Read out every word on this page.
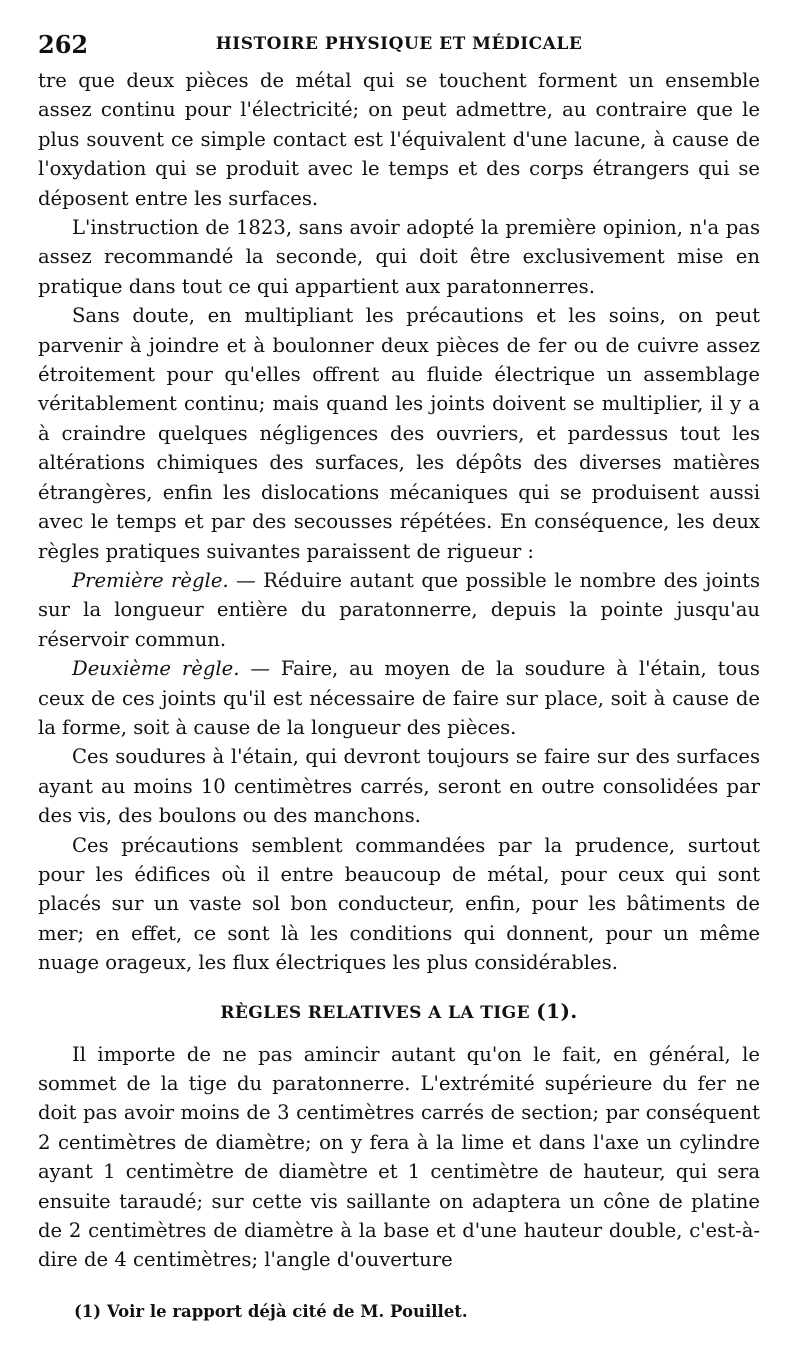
262	HISTOIRE PHYSIQUE ET MÉDICALE

tre que deux pièces de métal qui se touchent forment un ensemble assez continu pour l'électricité; on peut admettre, au contraire que le plus souvent ce simple contact est l'équivalent d'une lacune, à cause de l'oxydation qui se produit avec le temps et des corps étrangers qui se déposent entre les surfaces.

L'instruction de 1823, sans avoir adopté la première opinion, n'a pas assez recommandé la seconde, qui doit être exclusivement mise en pratique dans tout ce qui appartient aux paratonnerres.

Sans doute, en multipliant les précautions et les soins, on peut parvenir à joindre et à boulonner deux pièces de fer ou de cuivre assez étroitement pour qu'elles offrent au fluide électrique un assemblage véritablement continu; mais quand les joints doivent se multiplier, il y a à craindre quelques négligences des ouvriers, et pardessus tout les altérations chimiques des surfaces, les dépôts des diverses matières étrangères, enfin les dislocations mécaniques qui se produisent aussi avec le temps et par des secousses répétées. En conséquence, les deux règles pratiques suivantes paraissent de rigueur :

Première règle. — Réduire autant que possible le nombre des joints sur la longueur entière du paratonnerre, depuis la pointe jusqu'au réservoir commun.

Deuxième règle. — Faire, au moyen de la soudure à l'étain, tous ceux de ces joints qu'il est nécessaire de faire sur place, soit à cause de la forme, soit à cause de la longueur des pièces.

Ces soudures à l'étain, qui devront toujours se faire sur des surfaces ayant au moins 10 centimètres carrés, seront en outre consolidées par des vis, des boulons ou des manchons.

Ces précautions semblent commandées par la prudence, surtout pour les édifices où il entre beaucoup de métal, pour ceux qui sont placés sur un vaste sol bon conducteur, enfin, pour les bâtiments de mer; en effet, ce sont là les conditions qui donnent, pour un même nuage orageux, les flux électriques les plus considérables.

RÈGLES RELATIVES A LA TIGE (1).

Il importe de ne pas amincir autant qu'on le fait, en général, le sommet de la tige du paratonnerre. L'extrémité supérieure du fer ne doit pas avoir moins de 3 centimètres carrés de section; par conséquent 2 centimètres de diamètre; on y fera à la lime et dans l'axe un cylindre ayant 1 centimètre de diamètre et 1 centimètre de hauteur, qui sera ensuite taraudé; sur cette vis saillante on adaptera un cône de platine de 2 centimètres de diamètre à la base et d'une hauteur double, c'est-à-dire de 4 centimètres; l'angle d'ouverture

(1) Voir le rapport déjà cité de M. Pouillet.
